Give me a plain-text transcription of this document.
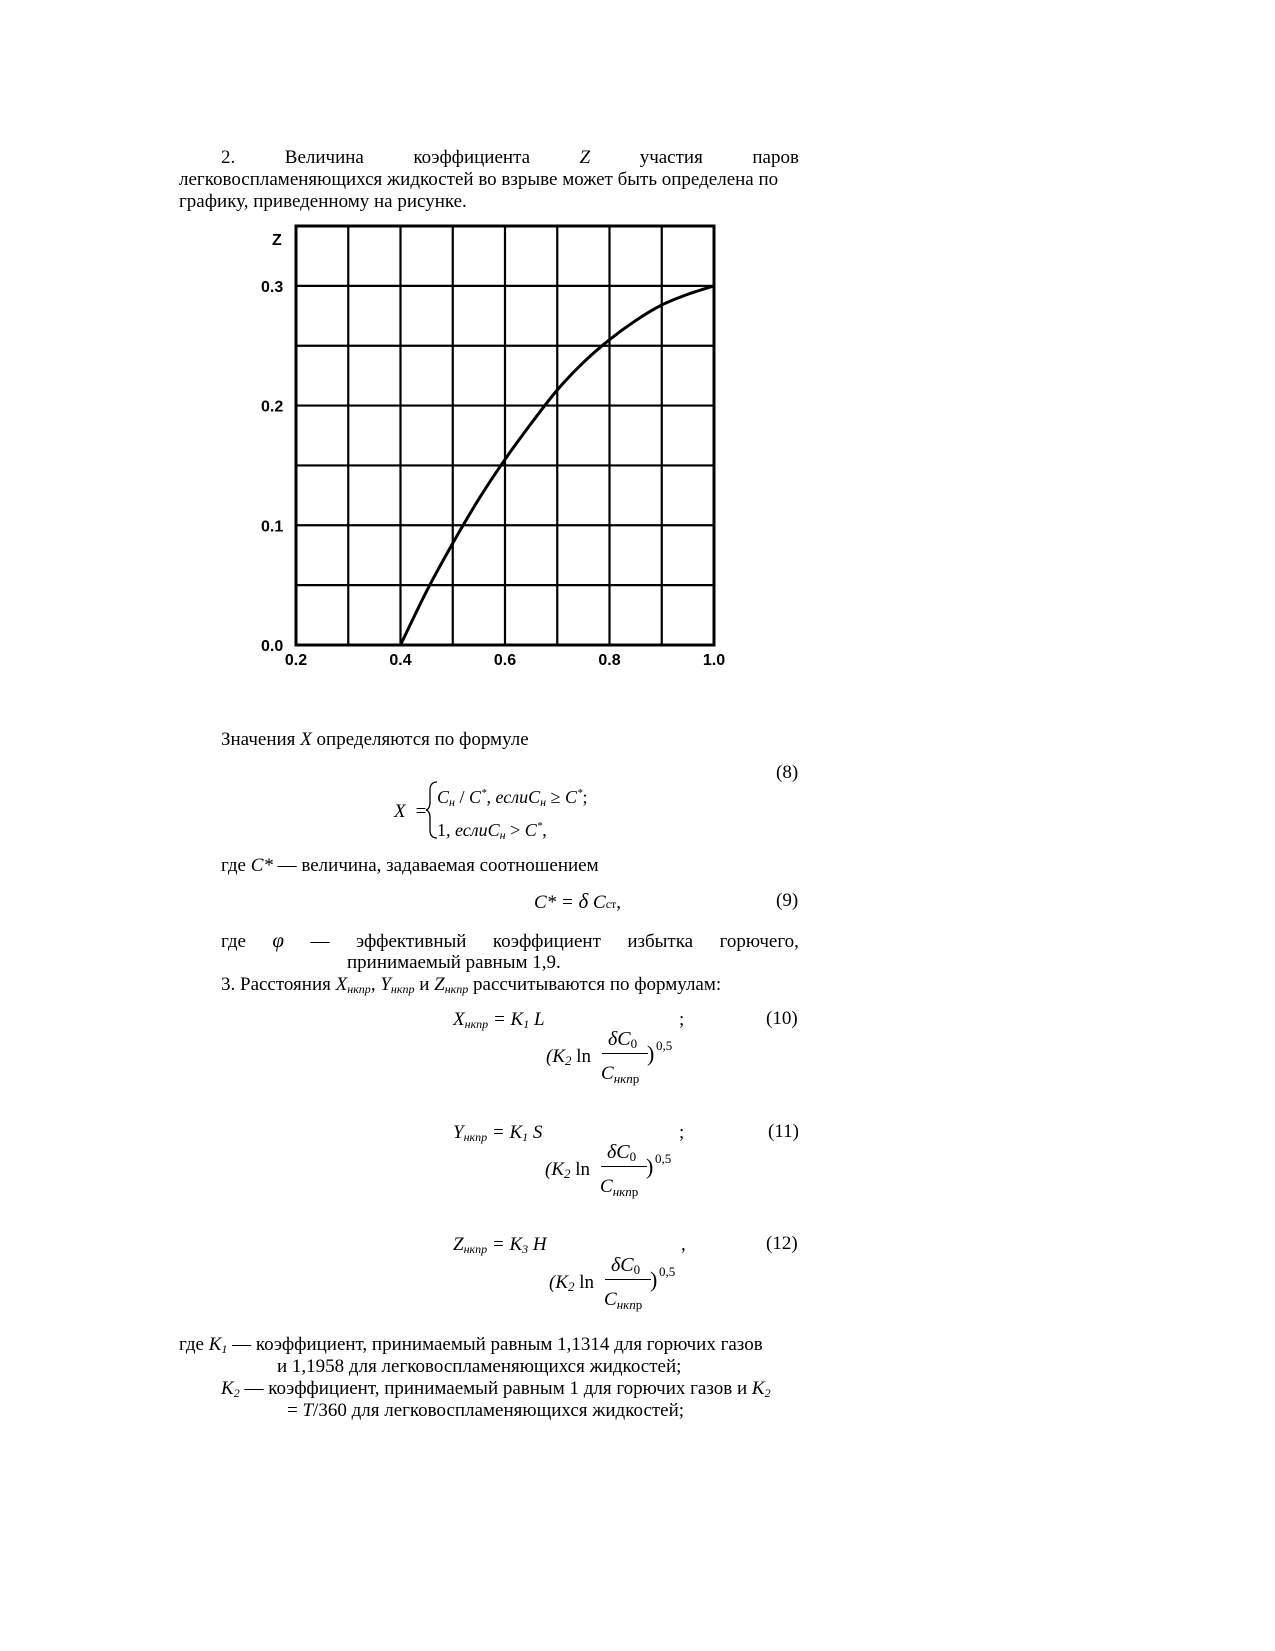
2.	Величина	коэффициента	Z	участия	паров
легковоспламеняющихся жидкостей во взрыве может быть определена по
графику, приведенному на рисунке.
Z
0.0
0.1
0.2
0.3
0.2	0.4	0.6	0.8	1.0
Значения X определяются по формуле
(8)
X =
$C_н / C^*$, еслиC$_н$ ≥ C*;
1, еслиC$_н$ > C*,
где C* — величина, задаваемая соотношением
C* = δ Cст,	(9)
где φ — эффективный коэффициент избытка горючего,
принимаемый равным 1,9.
3. Расстояния $X_{нкпр}$, $Y_{нкпр}$ и $Z_{нкпр}$ рассчитываются по формулам:
$X_{нкпр} = K_1$ L	;	(10)
($K_2$ ln
δC0
$C_{нкпр}$
) 0,5
$Y_{нкпр} = K_1$ S	;	(11)
($K_2$ ln
δC0
$C_{нкпр}$
) 0,5
$Z_{нкпр} = K_3$ H	,	(12)
($K_2$ ln
δC0
$C_{нкпр}$
) 0,5
где $K_1$ — коэффициент, принимаемый равным 1,1314 для горючих газов
и 1,1958 для легковоспламеняющихся жидкостей;
$K_2$ — коэффициент, принимаемый равным 1 для горючих газов и $K_2$
= T/360 для легковоспламеняющихся жидкостей;
